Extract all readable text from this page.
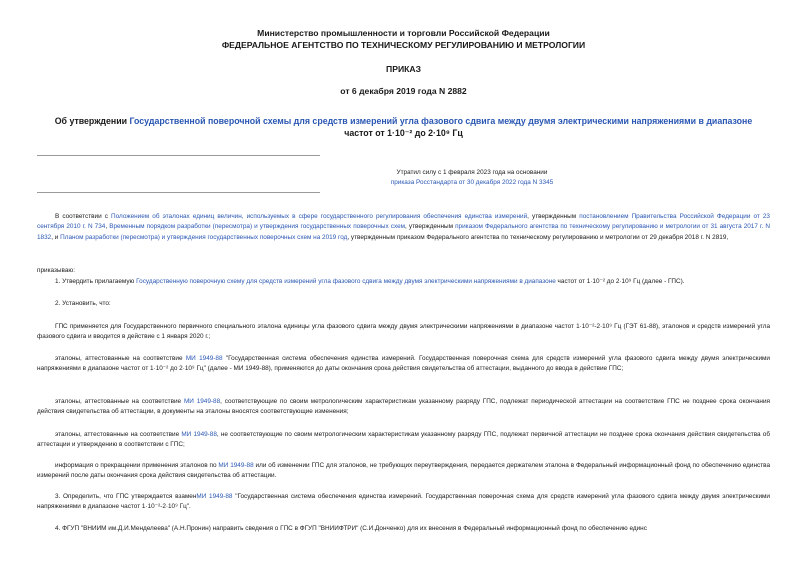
Министерство промышленности и торговли Российской Федерации
ФЕДЕРАЛЬНОЕ АГЕНТСТВО ПО ТЕХНИЧЕСКОМУ РЕГУЛИРОВАНИЮ И МЕТРОЛОГИИ
ПРИКАЗ
от 6 декабря 2019 года N 2882
Об утверждении Государственной поверочной схемы для средств измерений угла фазового сдвига между двумя электрическими напряжениями в диапазоне
частот от 1·10⁻² до 2·10⁹ Гц
Утратил силу с 1 февраля 2023 года на основании
приказа Росстандарта от 30 декабря 2022 года N 3345

В соответствии с Положением об эталонах единиц величин, используемых в сфере государственного регулирования обеспечения единства измерений, утвержденным постановлением Правительства Российской Федерации от 23 сентября 2010 г. N 734, Временным порядком разработки (пересмотра) и утверждения государственных поверочных схем, утвержденным приказом Федерального агентства по техническому регулированию и метрологии от 31 августа 2017 г. N 1832, и Планом разработки (пересмотра) и утверждения государственных поверочных схем на 2019 год, утвержденным приказом Федерального агентства по техническому регулированию и метрологии от 29 декабря 2018 г. N 2819,

приказываю:

1. Утвердить прилагаемую Государственную поверочную схему для средств измерений угла фазового сдвига между двумя электрическими напряжениями в диапазоне частот от 1·10⁻² до 2·10⁹ Гц (далее - ГПС).

2. Установить, что:

ГПС применяется для Государственного первичного специального эталона единицы угла фазового сдвига между двумя электрическими напряжениями в диапазоне частот 1·10⁻²-2·10⁹ Гц (ГЭТ 61-88), эталонов и средств измерений угла фазового сдвига и вводится в действие с 1 января 2020 г.;

эталоны, аттестованные на соответствие МИ 1949-88 "Государственная система обеспечения единства измерений. Государственная поверочная схема для средств измерений угла фазового сдвига между двумя электрическими напряжениями в диапазоне частот от 1·10⁻² до 2·10⁹ Гц" (далее - МИ 1949-88), применяются до даты окончания срока действия свидетельства об аттестации, выданного до ввода в действие ГПС;

эталоны, аттестованные на соответствие МИ 1949-88, соответствующие по своим метрологическим характеристикам указанному разряду ГПС, подлежат периодической аттестации на соответствие ГПС не позднее срока окончания действия свидетельства об аттестации, в документы на эталоны вносятся соответствующие изменения;

эталоны, аттестованные на соответствие МИ 1949-88, не соответствующие по своим метрологическим характеристикам указанному разряду ГПС, подлежат первичной аттестации не позднее срока окончания действия свидетельства об аттестации и утверждению в соответствии с ГПС;

информация о прекращении применения эталонов по МИ 1949-88 или об изменении ГПС для эталонов, не требующих переутверждения, передается держателем эталона в Федеральный информационный фонд по обеспечению единства измерений после даты окончания срока действия свидетельства об аттестации.

3. Определить, что ГПС утверждается взаменМИ 1949-88 "Государственная система обеспечения единства измерений. Государственная поверочная схема для средств измерений угла фазового сдвига между двумя электрическими напряжениями в диапазоне частот 1·10⁻²-2·10⁹ Гц".

4. ФГУП "ВНИИМ им.Д.И.Менделеева" (А.Н.Пронин) направить сведения о ГПС в ФГУП "ВНИИФТРИ" (С.И.Донченко) для их внесения в Федеральный информационный фонд по обеспечению единс
